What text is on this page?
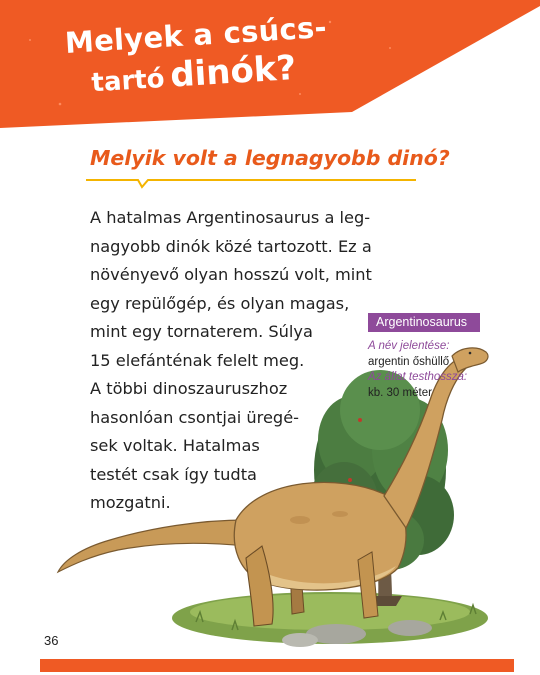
Melyek a csúcs-
tartó dinók?
Melyik volt a legnagyobb dinó?
A hatalmas Argentinosaurus a leg-
nagyobb dinók közé tartozott. Ez a
növényevő olyan hosszú volt, mint
egy repülőgép, és olyan magas,
mint egy tornaterem. Súlya
15 elefánténak felelt meg.
A többi dinoszauruszhoz
hasonlóan csontjai üregé-
sek voltak. Hatalmas
testét csak így tudta
mozgatni.
Argentinosaurus
A név jelentése:
argentin őshüllő
Az állat testhossza:
kb. 30 méter
36
